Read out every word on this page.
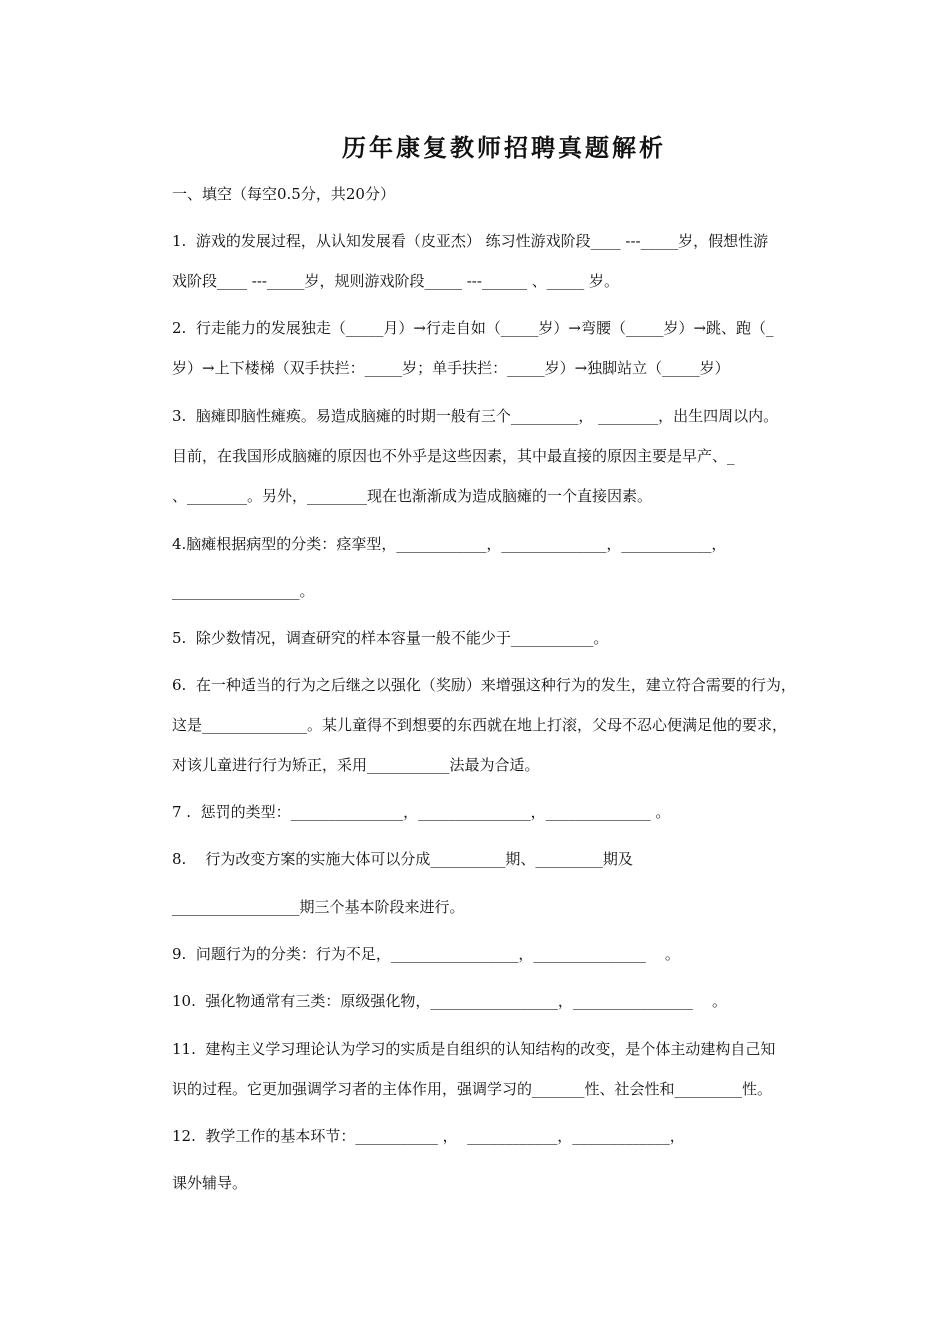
历年康复教师招聘真题解析
一、填空（每空0.5分，共20分）
1.  游戏的发展过程，从认知发展看（皮亚杰） 练习性游戏阶段____ ---_____岁，假想性游
戏阶段____ ---_____岁，规则游戏阶段_____ ---______ 、_____ 岁。
2.  行走能力的发展独走（_____月）→行走自如（_____岁）→弯腰（_____岁）→跳、跑（_
岁）→上下楼梯（双手扶拦：_____岁；单手扶拦：_____岁）→独脚站立（_____岁）
3.  脑瘫即脑性瘫痪。易造成脑瘫的时期一般有三个_________， ________，出生四周以内。
目前，在我国形成脑瘫的原因也不外乎是这些因素，其中最直接的原因主要是早产、_
、________。另外，________现在也渐渐成为造成脑瘫的一个直接因素。
4.脑瘫根据病型的分类：痉挛型，____________，______________，____________，
_________________。
5.  除少数情况，调查研究的样本容量一般不能少于___________。
6.  在一种适当的行为之后继之以强化（奖励）来增强这种行为的发生，建立符合需要的行为，
这是______________。某儿童得不到想要的东西就在地上打滚，父母不忍心便满足他的要求，
对该儿童进行行为矫正，采用___________法最为合适。
7 .  惩罚的类型：_______________，_______________，______________ 。
8.    行为改变方案的实施大体可以分成__________期、_________期及
_________________期三个基本阶段来进行。
9.  问题行为的分类：行为不足，_________________，_______________    。
10.  强化物通常有三类：原级强化物，_________________，________________    。
11.  建构主义学习理论认为学习的实质是自组织的认知结构的改变，是个体主动建构自己知
识的过程。它更加强调学习者的主体作用，强调学习的_______性、社会性和_________性。
12.  教学工作的基本环节：___________ ，  ____________，_____________，
课外辅导。
